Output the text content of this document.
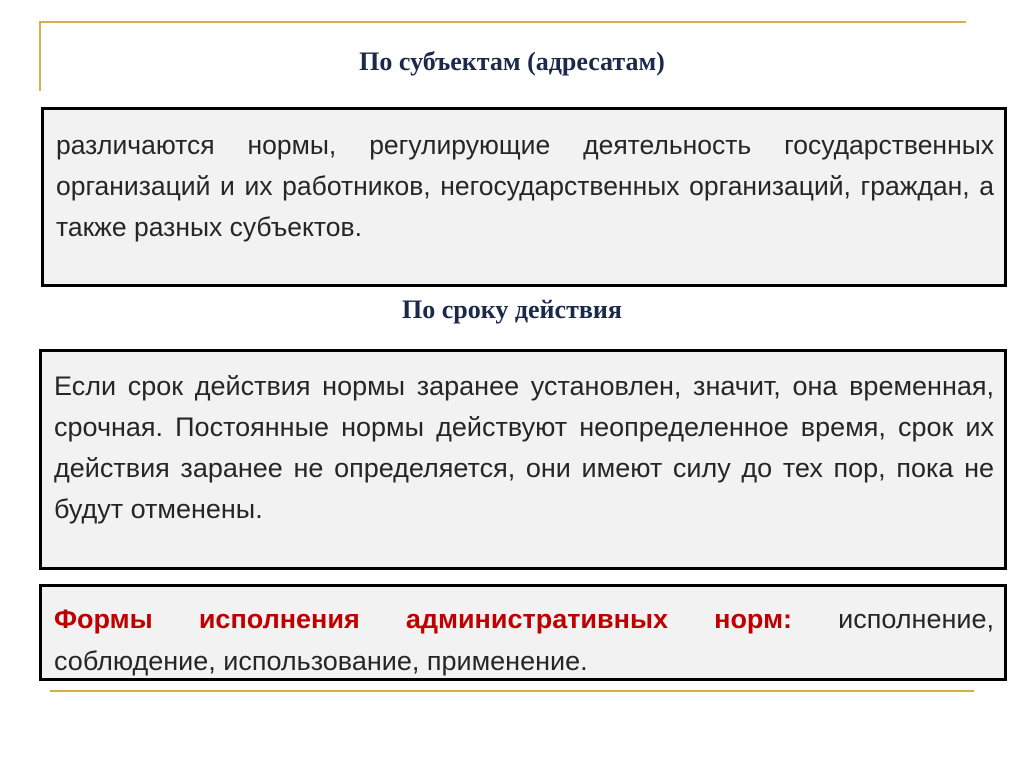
По субъектам (адресатам)

различаются нормы, регулирующие деятельность государственных организаций и их работников, негосударственных организаций, граждан, а также разных субъектов.

По сроку действия

Если срок действия нормы заранее установлен, значит, она временная, срочная. Постоянные нормы действуют неопределенное время, срок их действия заранее не определяется, они имеют силу до тех пор, пока не будут отменены.

Формы исполнения административных норм: исполнение, соблюдение, использование, применение.
